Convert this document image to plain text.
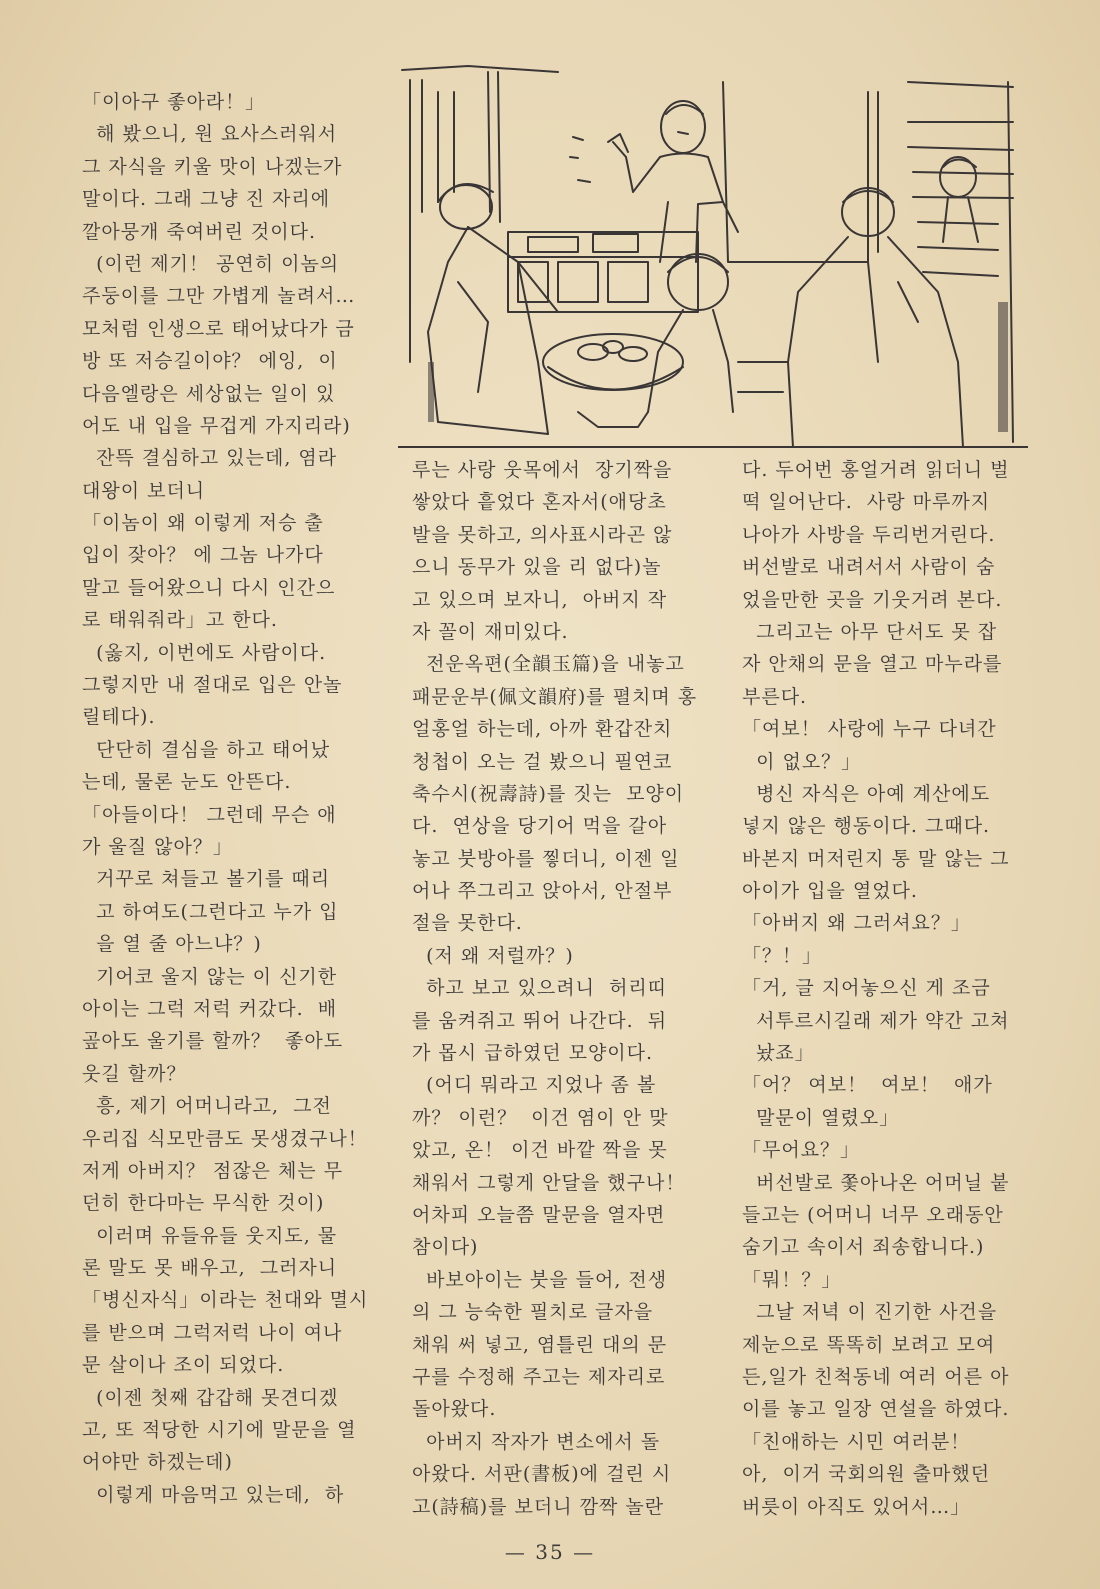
「이아구 좋아라！」
해 봤으니, 원 요사스러워서
그 자식을 키울 맛이 나겠는가
말이다. 그래 그냥 진 자리에
깔아뭉개 죽여버린 것이다.
(이런 제기！ 공연히 이놈의
주둥이를 그만 가볍게 놀려서…
모처럼 인생으로 태어났다가 금
방 또 저승길이야？ 에잉,  이
다음엘랑은 세상없는 일이 있
어도 내 입을 무겁게 가지리라)
잔뜩 결심하고 있는데, 염라
대왕이 보더니
「이놈이 왜 이렇게 저승 출
입이 잦아？ 에 그놈 나가다
말고 들어왔으니 다시 인간으
로 태워줘라」고 한다.
(옳지, 이번에도 사람이다.
그렇지만 내 절대로 입은 안놀
릴테다).
단단히 결심을 하고 태어났
는데, 물론 눈도 안뜬다.
「아들이다！ 그런데 무슨 애
가 울질 않아？」
거꾸로 쳐들고 볼기를 때리
고 하여도(그런다고 누가 입
을 열 줄 아느냐？)
기어코 울지 않는 이 신기한
아이는 그럭 저럭 커갔다.  배
곺아도 울기를 할까？  좋아도
웃길 할까？
흥, 제기 어머니라고,  그전
우리집 식모만큼도 못생겼구나！
저게 아버지？ 점잖은 체는 무
던히 한다마는 무식한 것이)
이러며 유들유들 웃지도, 물
론 말도 못 배우고,  그러자니
「병신자식」이라는 천대와 멸시
를 받으며 그럭저럭 나이 여나
문 살이나 조이 되었다.
(이젠 첫째 갑갑해 못견디겠
고, 또 적당한 시기에 말문을 열
어야만 하겠는데)
이렇게 마음먹고 있는데,  하
루는 사랑 웃목에서  장기짝을
쌓았다 흩었다 혼자서(애당초
발을 못하고, 의사표시라곤 않
으니 동무가 있을 리 없다)놀
고 있으며 보자니,  아버지 작
자 꼴이 재미있다.
전운옥편(全韻玉篇)을 내놓고
패문운부(佩文韻府)를 펼치며 홍
얼홍얼 하는데, 아까 환갑잔치
청첩이 오는 걸 봤으니 필연코
축수시(祝壽詩)를 짓는  모양이
다.  연상을 당기어 먹을 갈아
놓고 붓방아를 찧더니, 이젠 일
어나 쭈그리고 앉아서, 안절부
절을 못한다.
(저 왜 저럴까？)
하고 보고 있으려니  허리띠
를 움켜쥐고 뛰어 나간다.  뒤
가 몹시 급하였던 모양이다.
(어디 뭐라고 지었나 좀 볼
까？ 이런？  이건 염이 안 맞
았고, 온！ 이건 바깥 짝을 못
채워서 그렇게 안달을 했구나！
어차피 오늘쯤 말문을 열자면
참이다)
바보아이는 붓을 들어, 전생
의 그 능숙한 필치로 글자을
채워 써 넣고, 염틀린 대의 문
구를 수정해 주고는 제자리로
돌아왔다.
아버지 작자가 변소에서 돌
아왔다. 서판(書板)에 걸린 시
고(詩稿)를 보더니 깜짝 놀란
다. 두어번 홍얼거려 읽더니 벌
떡 일어난다.  사랑 마루까지
나아가 사방을 두리번거린다.
버선발로 내려서서 사람이 숨
었을만한 곳을 기웃거려 본다.
그리고는 아무 단서도 못 잡
자 안채의 문을 열고 마누라를
부른다.
「여보！ 사랑에 누구 다녀간
이 없오？」
병신 자식은 아예 계산에도
넣지 않은 행동이다. 그때다.
바본지 머저린지 통 말 않는 그
아이가 입을 열었다.
「아버지 왜 그러셔요？」
「？！」
「거, 글 지어놓으신 게 조금
서투르시길래 제가 약간 고쳐
놨죠」
「어？ 여보！  여보！  애가
말문이 열렸오」
「무어요？」
버선발로 쫓아나온 어머닐 붙
들고는 (어머니 너무 오래동안
숨기고 속이서 죄송합니다.)
「뭐！？」
그날 저녁 이 진기한 사건을
제눈으로 똑똑히 보려고 모여
든,일가 친척동네 여러 어른 아
이를 놓고 일장 연설을 하였다.
「친애하는 시민 여러분！
아,  이거 국회의원 출마했던
버릇이 아직도 있어서…」
— 35 —
